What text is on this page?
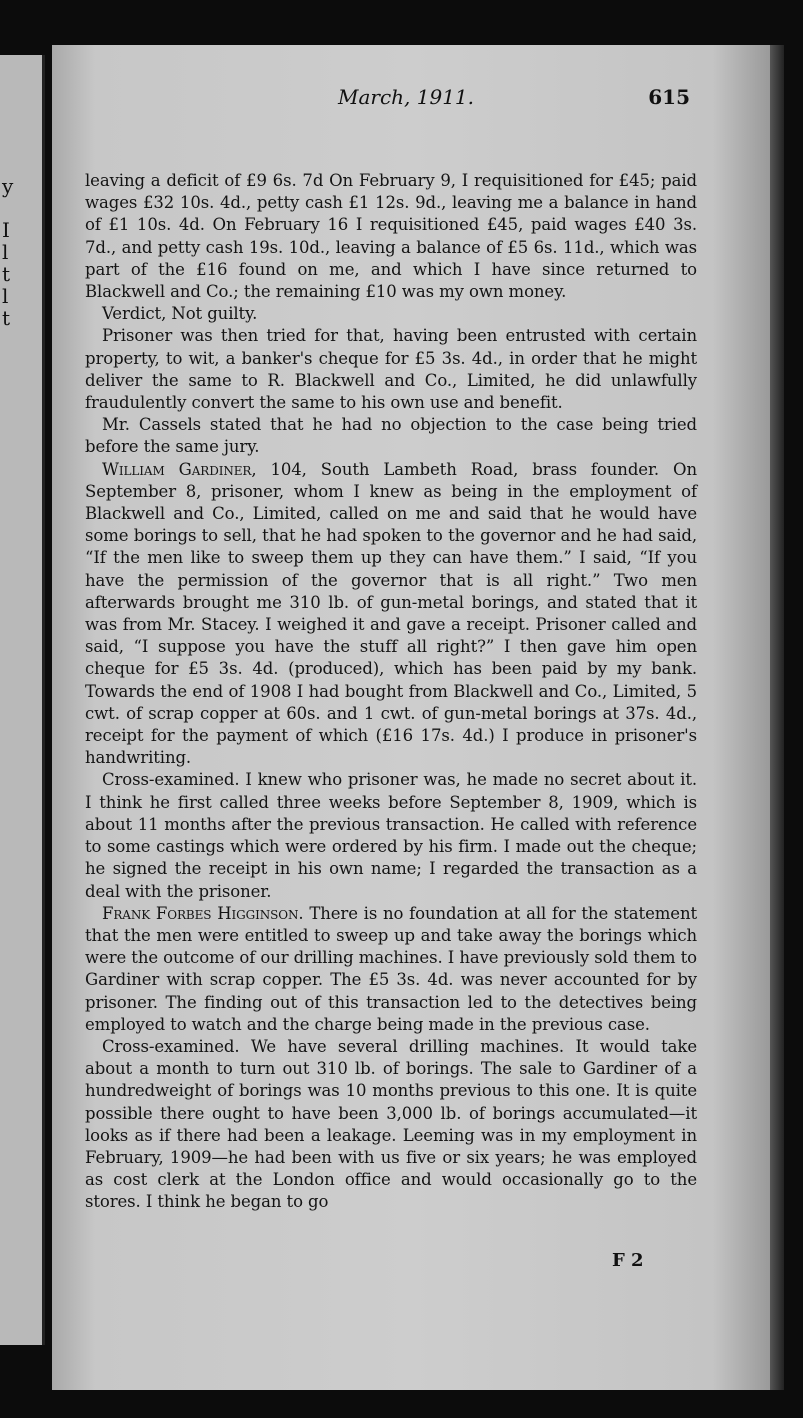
y

I
l
t
l
t
March, 1911.	615

leaving a deficit of £9 6s. 7d On February 9, I requisitioned for £45; paid wages £32 10s. 4d., petty cash £1 12s. 9d., leaving me a balance in hand of £1 10s. 4d. On February 16 I requisitioned £45, paid wages £40 3s. 7d., and petty cash 19s. 10d., leaving a balance of £5 6s. 11d., which was part of the £16 found on me, and which I have since returned to Blackwell and Co.; the remaining £10 was my own money.

Verdict, Not guilty.

Prisoner was then tried for that, having been entrusted with certain property, to wit, a banker's cheque for £5 3s. 4d., in order that he might deliver the same to R. Blackwell and Co., Limited, he did unlawfully fraudulently convert the same to his own use and benefit.

Mr. Cassels stated that he had no objection to the case being tried before the same jury.

William Gardiner, 104, South Lambeth Road, brass founder. On September 8, prisoner, whom I knew as being in the employment of Blackwell and Co., Limited, called on me and said that he would have some borings to sell, that he had spoken to the governor and he had said, “If the men like to sweep them up they can have them.” I said, “If you have the permission of the governor that is all right.” Two men afterwards brought me 310 lb. of gun-metal borings, and stated that it was from Mr. Stacey. I weighed it and gave a receipt. Prisoner called and said, “I suppose you have the stuff all right?” I then gave him open cheque for £5 3s. 4d. (produced), which has been paid by my bank. Towards the end of 1908 I had bought from Blackwell and Co., Limited, 5 cwt. of scrap copper at 60s. and 1 cwt. of gun-metal borings at 37s. 4d., receipt for the payment of which (£16 17s. 4d.) I produce in prisoner's handwriting.

Cross-examined. I knew who prisoner was, he made no secret about it. I think he first called three weeks before September 8, 1909, which is about 11 months after the previous transaction. He called with reference to some castings which were ordered by his firm. I made out the cheque; he signed the receipt in his own name; I regarded the transaction as a deal with the prisoner.

Frank Forbes Higginson. There is no foundation at all for the statement that the men were entitled to sweep up and take away the borings which were the outcome of our drilling machines. I have previously sold them to Gardiner with scrap copper. The £5 3s. 4d. was never accounted for by prisoner. The finding out of this transaction led to the detectives being employed to watch and the charge being made in the previous case.

Cross-examined. We have several drilling machines. It would take about a month to turn out 310 lb. of borings. The sale to Gardiner of a hundredweight of borings was 10 months previous to this one. It is quite possible there ought to have been 3,000 lb. of borings accumulated—it looks as if there had been a leakage. Leeming was in my employment in February, 1909—he had been with us five or six years; he was employed as cost clerk at the London office and would occasionally go to the stores. I think he began to go

F 2
